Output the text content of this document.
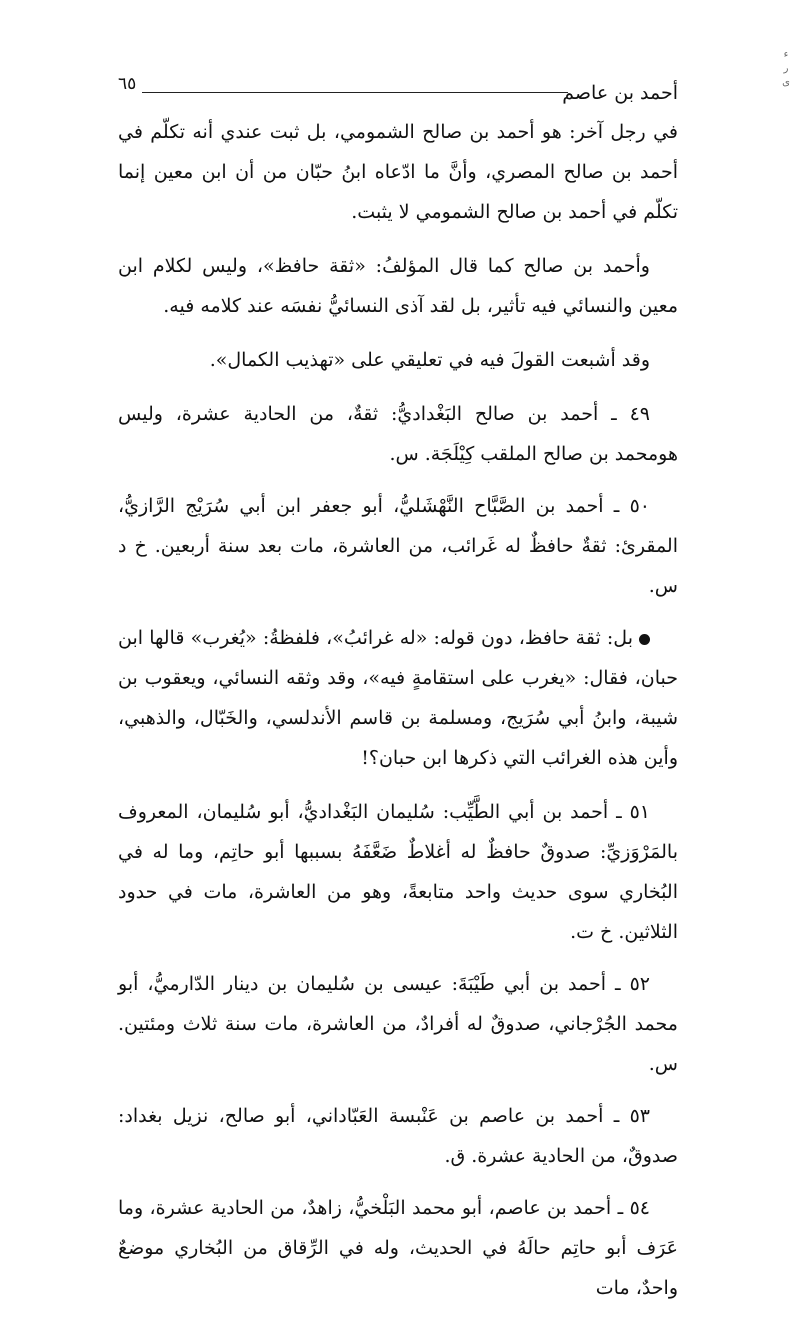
ء ر ى
أحمد بن عاصم
٦٥

في رجل آخر: هو أحمد بن صالح الشمومي، بل ثبت عندي أنه تكلّم في أحمد بن صالح المصري، وأنَّ ما ادّعاه ابنُ حبّان من أن ابن معين إنما تكلّم في أحمد بن صالح الشمومي لا يثبت.

وأحمد بن صالح كما قال المؤلفُ: «ثقة حافظ»، وليس لكلام ابن معين والنسائي فيه تأثير، بل لقد آذى النسائيُّ نفسَه عند كلامه فيه.

وقد أشبعت القولَ فيه في تعليقي على «تهذيب الكمال».

٤٩ ـ أحمد بن صالح البَغْداديُّ: ثقةٌ، من الحادية عشرة، وليس هومحمد بن صالح الملقب كِيْلَجَة. س.

٥٠ ـ أحمد بن الصَّبَّاح النَّهْشَليُّ، أبو جعفر ابن أبي سُرَيْج الرَّازيُّ، المقرئ: ثقةٌ حافظٌ له غَرائب، من العاشرة، مات بعد سنة أربعين. خ د س.

بل: ثقة حافظ، دون قوله: «له غرائبُ»، فلفظةُ: «يُغرب» قالها ابن حبان، فقال: «يغرب على استقامةٍ فيه»، وقد وثقه النسائي، ويعقوب بن شيبة، وابنُ أبي سُرَيج، ومسلمة بن قاسم الأندلسي، والخَبّال، والذهبي، وأين هذه الغرائب التي ذكرها ابن حبان؟!

٥١ ـ أحمد بن أبي الطَّيِّب: سُليمان البَغْداديُّ، أبو سُليمان، المعروف بالمَرْوَزيِّ: صدوقٌ حافظٌ له أغلاطٌ ضَعَّفَهُ بسببها أبو حاتِم، وما له في البُخاري سوى حديث واحد متابعةً، وهو من العاشرة، مات في حدود الثلاثين. خ ت.

٥٢ ـ أحمد بن أبي طَيْبَةَ: عيسى بن سُليمان بن دينار الدّارميُّ، أبو محمد الجُرْجاني، صدوقٌ له أفرادٌ، من العاشرة، مات سنة ثلاث ومئتين. س.

٥٣ ـ أحمد بن عاصم بن عَنْبسة العَبّاداني، أبو صالح، نزيل بغداد: صدوقٌ، من الحادية عشرة. ق.

٥٤ ـ أحمد بن عاصم، أبو محمد البَلْخيُّ، زاهدٌ، من الحادية عشرة، وما عَرَف أبو حاتِم حالَهُ في الحديث، وله في الرِّقاق من البُخاري موضعٌ واحدٌ، مات
